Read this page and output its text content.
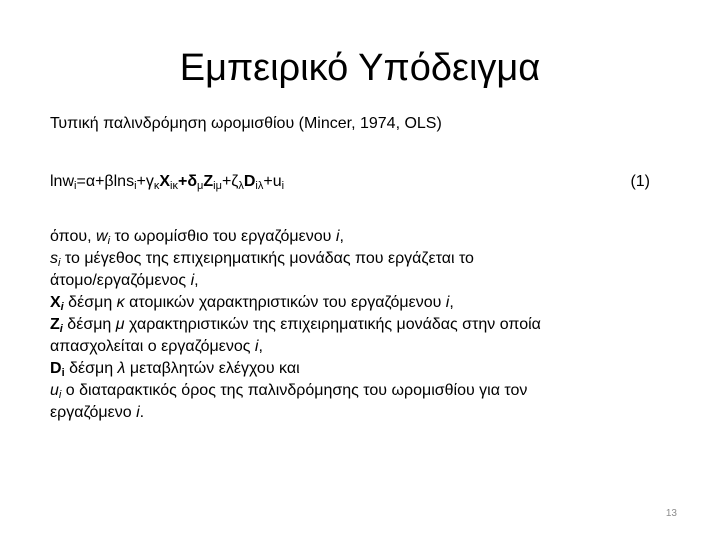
Εμπειρικό Υπόδειγμα
Τυπική παλινδρόμηση ωρομισθίου (Mincer, 1974, OLS)
$\ln w_i=\alpha+\beta\ln s_i+\gamma_\kappa X_{i\kappa}+\delta_\mu Z_{i\mu}+\zeta_\lambda D_{i\lambda}+u_i$	(1)
όπου, $w_i$ το ωρομίσθιο του εργαζόμενου i,
$s_i$ το μέγεθος της επιχειρηματικής μονάδας που εργάζεται το
άτομο/εργαζόμενος i,
$X_i$ δέσμη κ ατομικών χαρακτηριστικών του εργαζόμενου i,
$Z_i$ δέσμη μ χαρακτηριστικών της επιχειρηματικής μονάδας στην οποία
απασχολείται ο εργαζόμενος i,
$D_i$ δέσμη λ μεταβλητών ελέγχου και
$u_i$ ο διαταρακτικός όρος της παλινδρόμησης του ωρομισθίου για τον
εργαζόμενο i.
13
